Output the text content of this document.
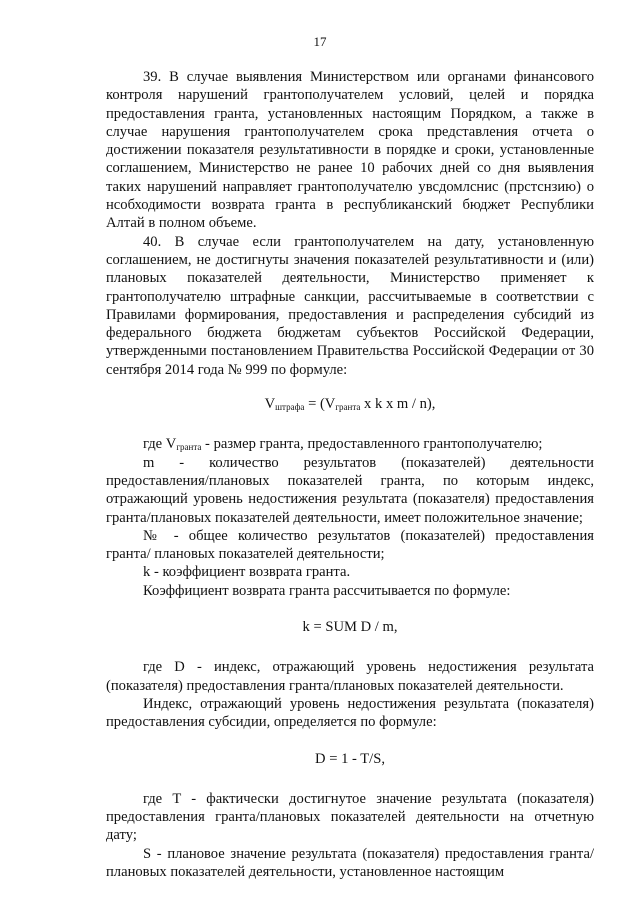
17

39. В случае выявления Министерством или органами финансового контроля нарушений грантополучателем условий, целей и порядка предоставления гранта, установленных настоящим Порядком, а также в случае нарушения грантополучателем срока представления отчета о достижении показателя результативности в порядке и сроки, установленные соглашением, Министерство не ранее 10 рабочих дней со дня выявления таких нарушений направляет грантополучателю увсдомлснис (прстснзию) о нсобходимости возврата гранта в республиканский бюджет Республики Алтай в полном объеме.

40. В случае если грантополучателем на дату, установленную соглашением, не достигнуты значения показателей результативности и (или) плановых показателей деятельности, Министерство применяет к грантополучателю штрафные санкции, рассчитываемые в соответствии с Правилами формирования, предоставления и распределения субсидий из федерального бюджета бюджетам субъектов Российской Федерации, утвержденными постановлением Правительства Российской Федерации от 30 сентября 2014 года № 999 по формуле:

$V_{штрафа} = (V_{гранта}$ x k x m / n),

где $V_{гранта}$ - размер гранта, предоставленного грантополучателю;

m - количество результатов (показателей) деятельности предоставления/плановых показателей гранта, по которым индекс, отражающий уровень недостижения результата (показателя) предоставления гранта/плановых показателей деятельности, имеет положительное значение;

№ - общее количество результатов (показателей) предоставления гранта/ плановых показателей деятельности;

k - коэффициент возврата гранта.

Коэффициент возврата гранта рассчитывается по формуле:

k = SUM D / m,

где D - индекс, отражающий уровень недостижения результата (показателя) предоставления гранта/плановых показателей деятельности.

Индекс, отражающий уровень недостижения результата (показателя) предоставления субсидии, определяется по формуле:

D = 1 - T/S,

где T - фактически достигнутое значение результата (показателя) предоставления гранта/плановых показателей деятельности на отчетную дату;

S - плановое значение результата (показателя) предоставления гранта/плановых показателей деятельности, установленное настоящим
